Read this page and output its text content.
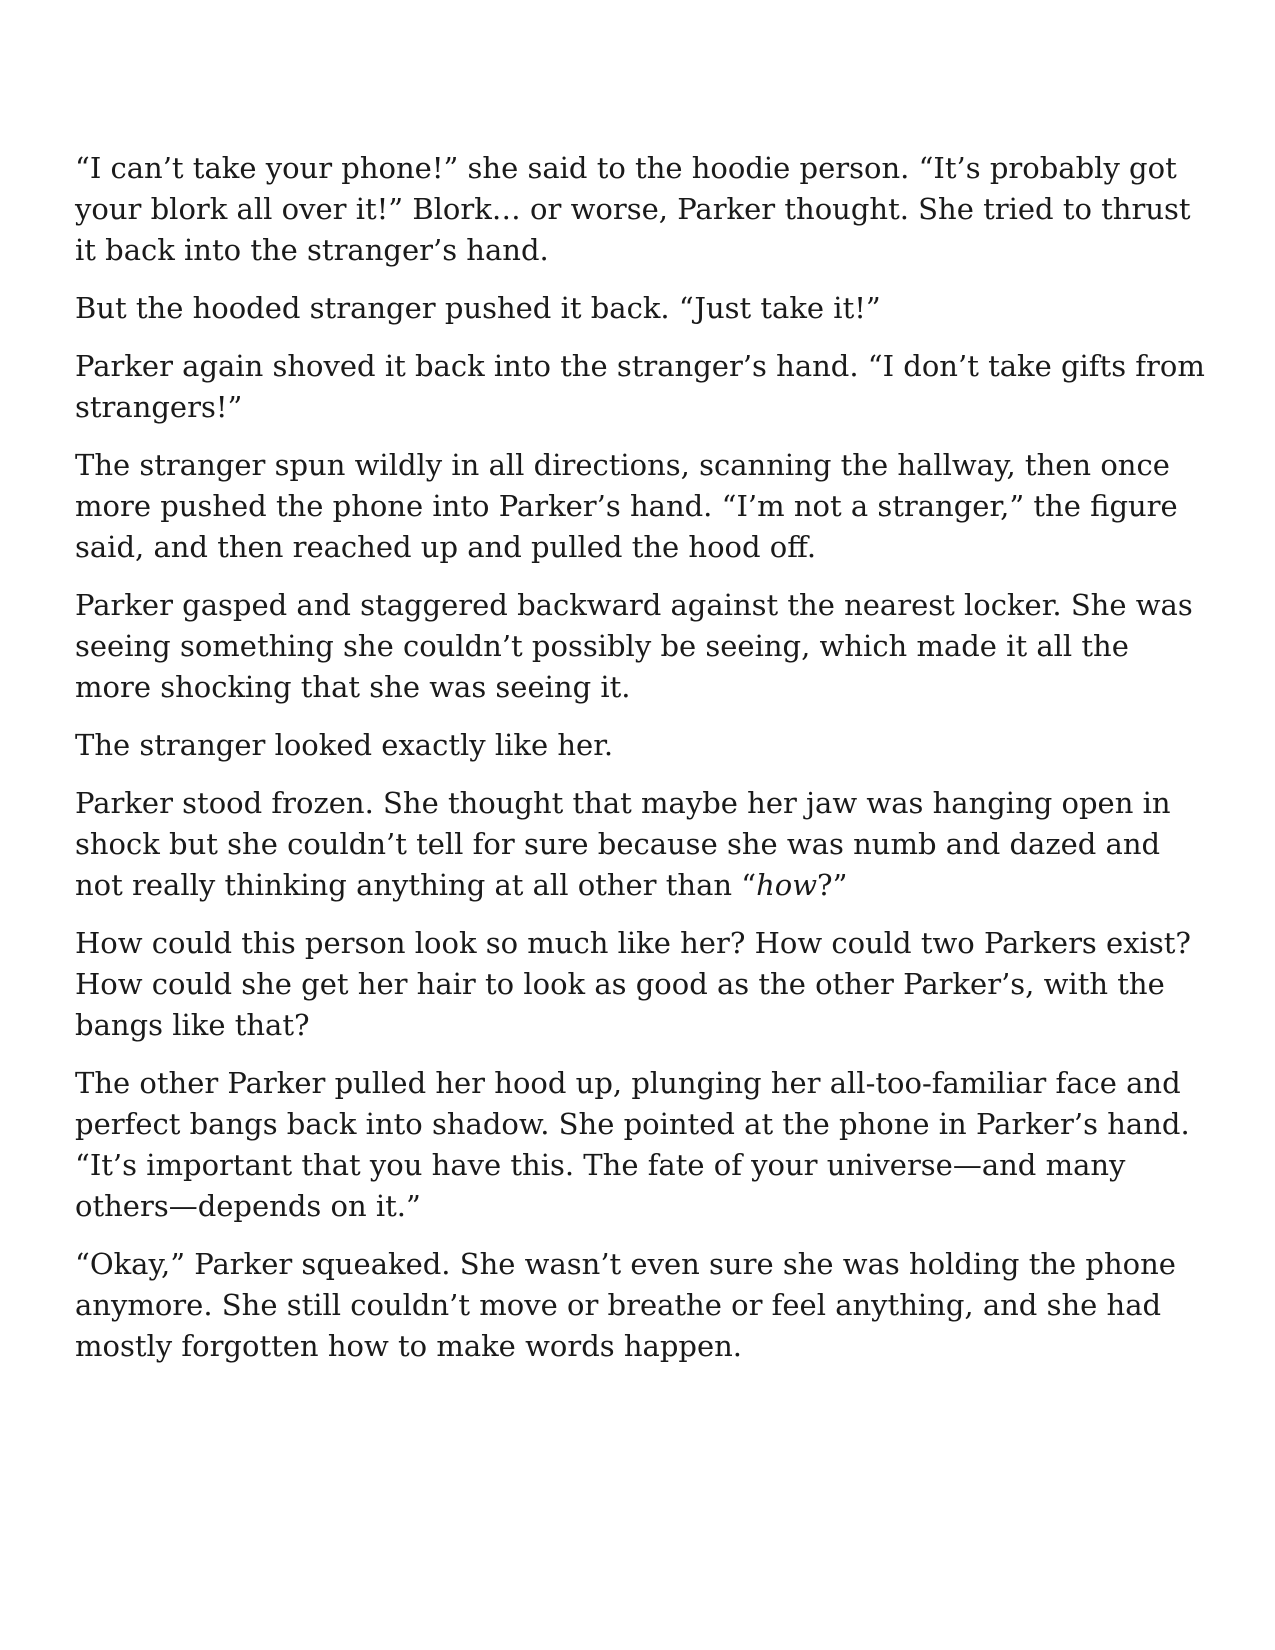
“I can’t take your phone!” she said to the hoodie person. “It’s probably got your blork all over it!” Blork… or worse, Parker thought. She tried to thrust it back into the stranger’s hand.

But the hooded stranger pushed it back. “Just take it!”

Parker again shoved it back into the stranger’s hand. “I don’t take gifts from strangers!”

The stranger spun wildly in all directions, scanning the hallway, then once more pushed the phone into Parker’s hand. “I’m not a stranger,” the figure said, and then reached up and pulled the hood off.

Parker gasped and staggered backward against the nearest locker. She was seeing something she couldn’t possibly be seeing, which made it all the more shocking that she was seeing it.

The stranger looked exactly like her.

Parker stood frozen. She thought that maybe her jaw was hanging open in shock but she couldn’t tell for sure because she was numb and dazed and not really thinking anything at all other than “how?”

How could this person look so much like her? How could two Parkers exist? How could she get her hair to look as good as the other Parker’s, with the bangs like that?

The other Parker pulled her hood up, plunging her all-too-familiar face and perfect bangs back into shadow. She pointed at the phone in Parker’s hand. “It’s important that you have this. The fate of your universe—and many others—depends on it.”

“Okay,” Parker squeaked. She wasn’t even sure she was holding the phone anymore. She still couldn’t move or breathe or feel anything, and she had mostly forgotten how to make words happen.
